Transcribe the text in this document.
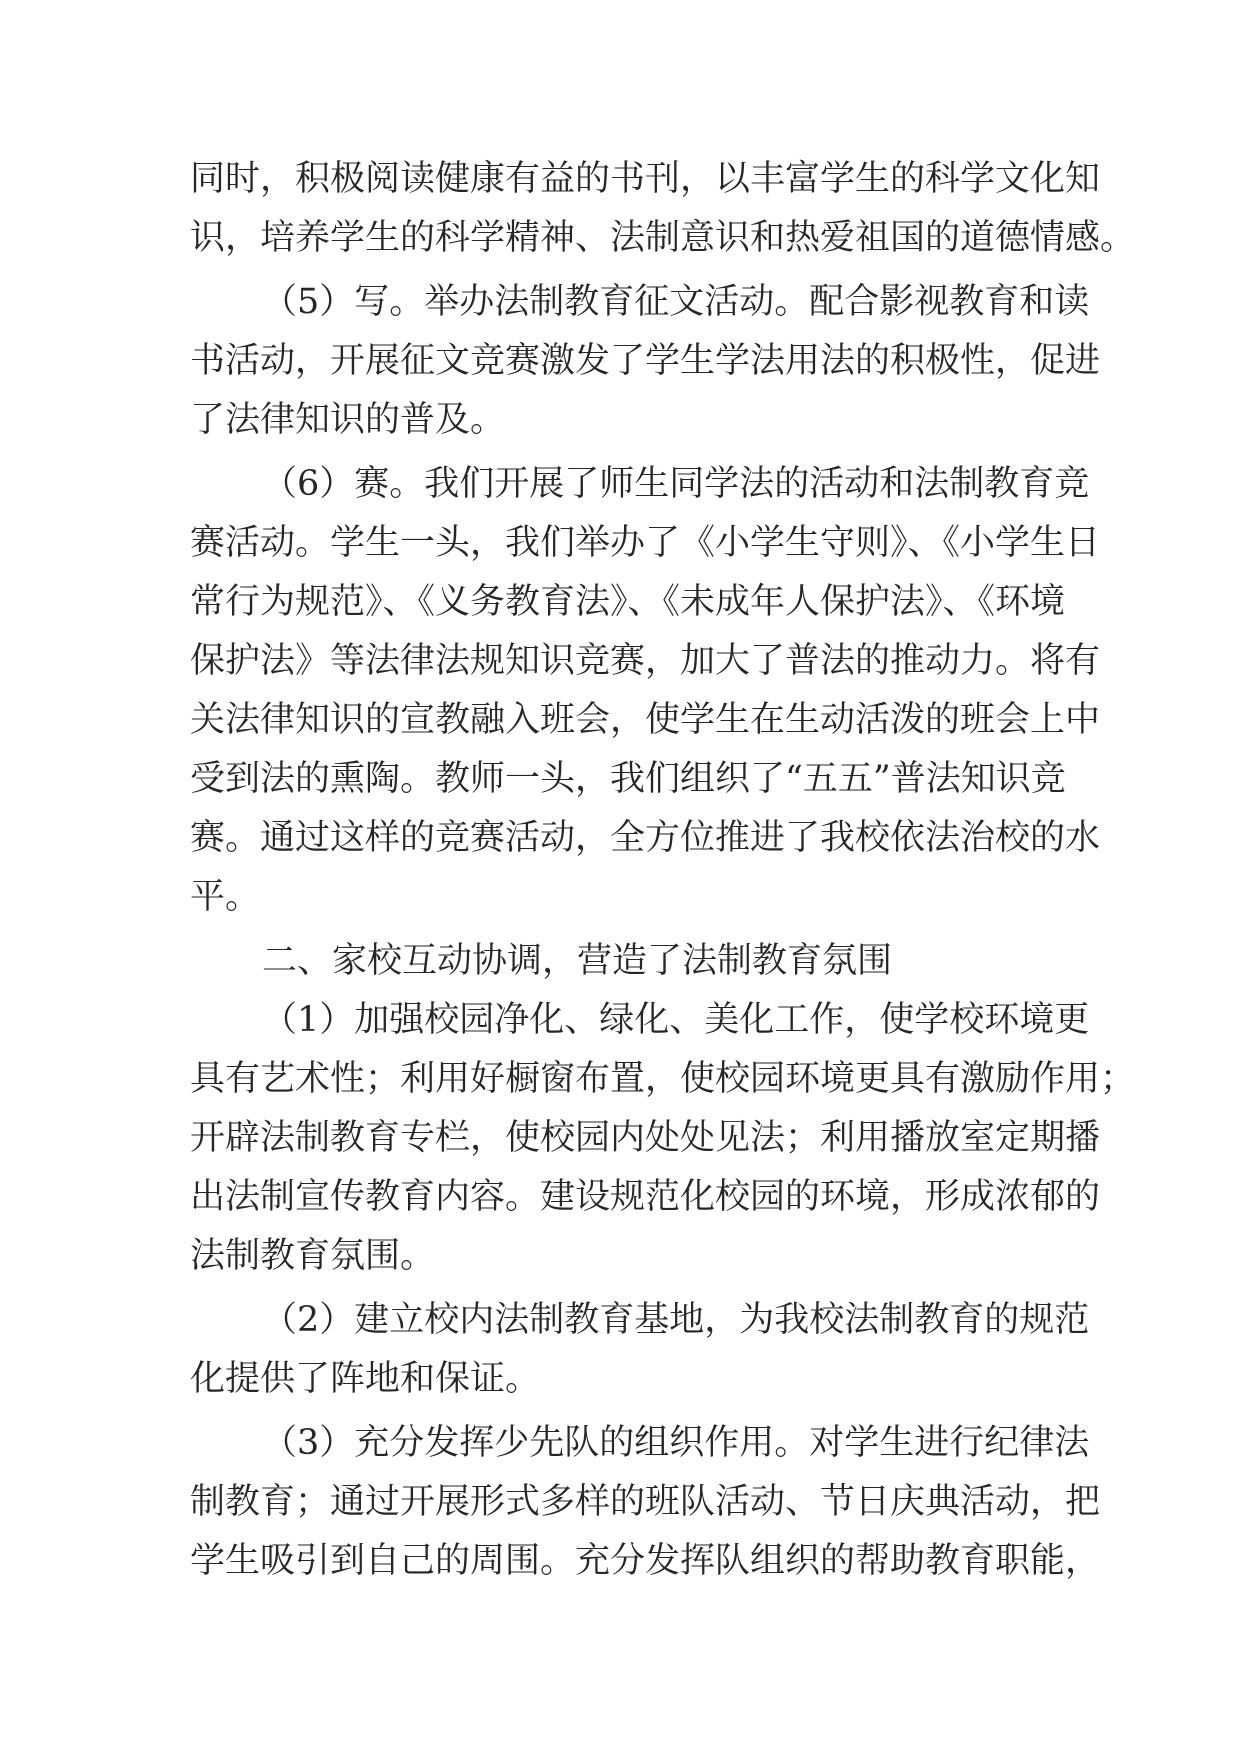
同时，积极阅读健康有益的书刊，以丰富学生的科学文化知
识，培养学生的科学精神、法制意识和热爱祖国的道德情感。
（5）写。举办法制教育征文活动。配合影视教育和读
书活动，开展征文竞赛激发了学生学法用法的积极性，促进
了法律知识的普及。
（6）赛。我们开展了师生同学法的活动和法制教育竞
赛活动。学生一头，我们举办了《小学生守则》、《小学生日
常行为规范》、《义务教育法》、《未成年人保护法》、《环境
保护法》等法律法规知识竞赛，加大了普法的推动力。将有
关法律知识的宣教融入班会，使学生在生动活泼的班会上中
受到法的熏陶。教师一头，我们组织了“五五”普法知识竞
赛。通过这样的竞赛活动，全方位推进了我校依法治校的水
平。
二、家校互动协调，营造了法制教育氛围
（1）加强校园净化、绿化、美化工作，使学校环境更
具有艺术性；利用好橱窗布置，使校园环境更具有激励作用；
开辟法制教育专栏，使校园内处处见法；利用播放室定期播
出法制宣传教育内容。建设规范化校园的环境，形成浓郁的
法制教育氛围。
（2）建立校内法制教育基地，为我校法制教育的规范
化提供了阵地和保证。
（3）充分发挥少先队的组织作用。对学生进行纪律法
制教育；通过开展形式多样的班队活动、节日庆典活动，把
学生吸引到自己的周围。充分发挥队组织的帮助教育职能，
